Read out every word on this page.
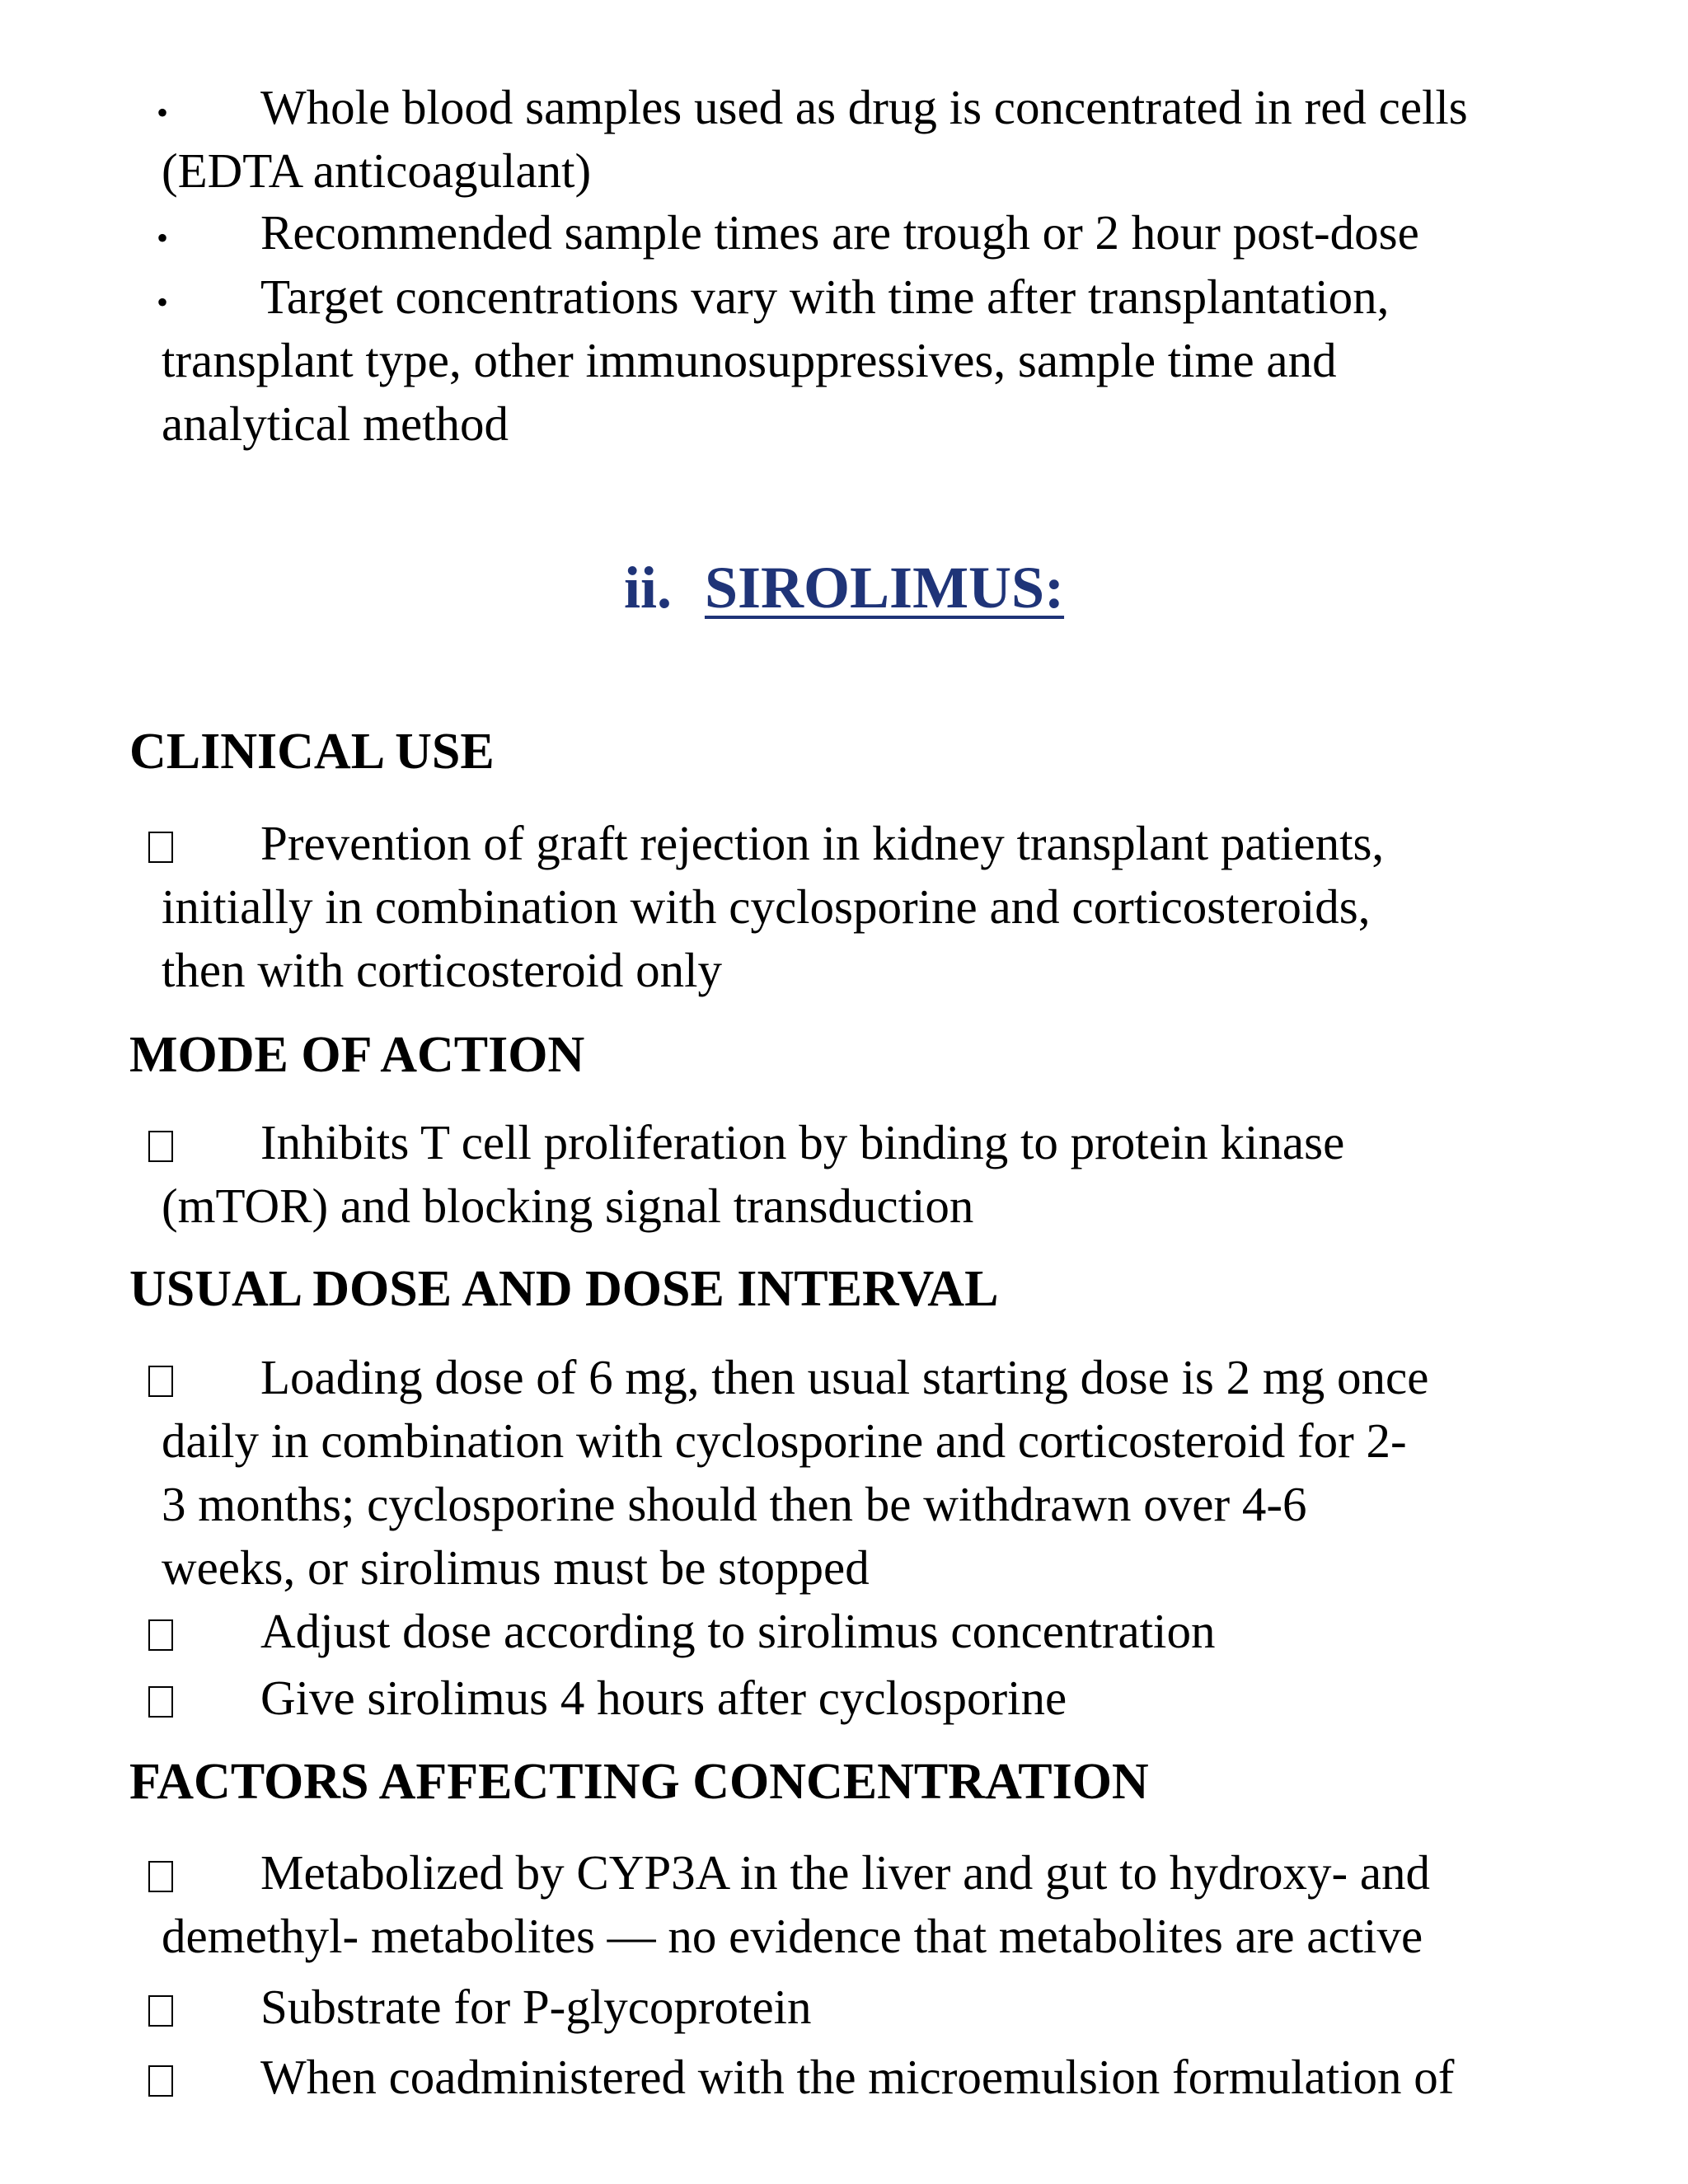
•	Whole blood samples used as drug is concentrated in red cells
(EDTA anticoagulant)
•	Recommended sample times are trough or 2 hour post-dose
•	Target concentrations vary with time after transplantation,
transplant type, other immunosuppressives, sample time and
analytical method
ii. SIROLIMUS:
CLINICAL USE
Prevention of graft rejection in kidney transplant patients,
initially in combination with cyclosporine and corticosteroids,
then with corticosteroid only
MODE OF ACTION
Inhibits T cell proliferation by binding to protein kinase
(mTOR) and blocking signal transduction
USUAL DOSE AND DOSE INTERVAL
Loading dose of 6 mg, then usual starting dose is 2 mg once
daily in combination with cyclosporine and corticosteroid for 2-
3 months; cyclosporine should then be withdrawn over 4-6
weeks, or sirolimus must be stopped
Adjust dose according to sirolimus concentration
Give sirolimus 4 hours after cyclosporine
FACTORS AFFECTING CONCENTRATION
Metabolized by CYP3A in the liver and gut to hydroxy- and
demethyl- metabolites — no evidence that metabolites are active
Substrate for P-glycoprotein
When coadministered with the microemulsion formulation of
